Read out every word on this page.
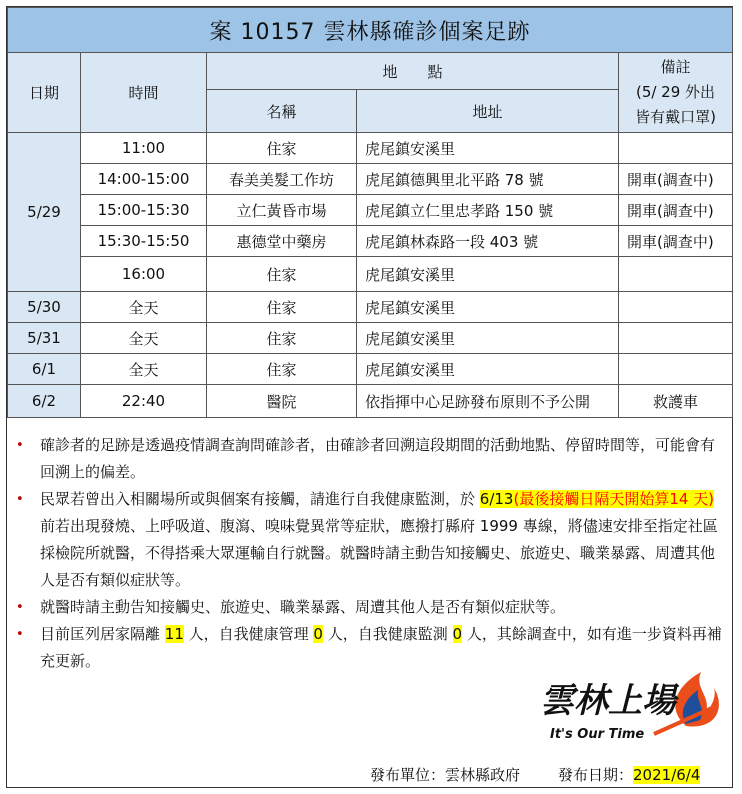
案 10157 雲林縣確診個案足跡				
日期	時間	地　　點		備註
(5/ 29 外出
皆有戴口罩)

		名稱	地址	
5/29	11:00	住家	虎尾鎮安溪里	
	14:00-15:00	春美美髮工作坊	虎尾鎮德興里北平路 78 號	開車(調查中)
	15:00-15:30	立仁黃昏市場	虎尾鎮立仁里忠孝路 150 號	開車(調查中)
	15:30-15:50	惠德堂中藥房	虎尾鎮林森路一段 403 號	開車(調查中)
	16:00	住家	虎尾鎮安溪里	
5/30	全天	住家	虎尾鎮安溪里	
5/31	全天	住家	虎尾鎮安溪里	
6/1	全天	住家	虎尾鎮安溪里	
6/2	22:40	醫院	依指揮中心足跡發布原則不予公開	救護車

• 確診者的足跡是透過疫情調查詢問確診者，由確診者回溯這段期間的活動地點、停留時間等，可能會有回溯上的偏差。

• 民眾若曾出入相關場所或與個案有接觸，請進行自我健康監測，於 6/13(最後接觸日隔天開始算14 天)前若出現發燒、上呼吸道、腹瀉、嗅味覺異常等症狀，應撥打縣府 1999 專線，將儘速安排至指定社區採檢院所就醫，不得搭乘大眾運輸自行就醫。就醫時請主動告知接觸史、旅遊史、職業暴露、周遭其他人是否有類似症狀等。

• 就醫時請主動告知接觸史、旅遊史、職業暴露、周遭其他人是否有類似症狀等。

• 目前匡列居家隔離 11 人，自我健康管理 0 人，自我健康監測 0 人，其餘調查中，如有進一步資料再補充更新。

雲林上場
It's Our Time
發布單位：雲林縣政府	發布日期：2021/6/4
